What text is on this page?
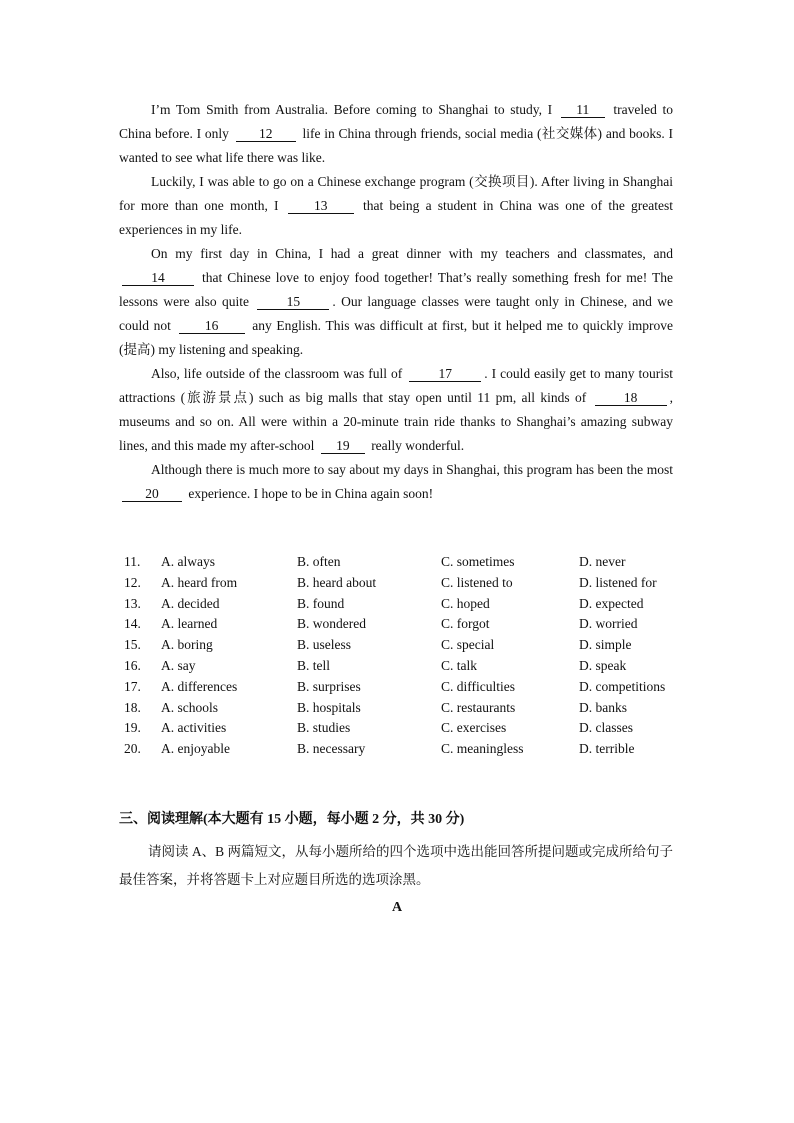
I’m Tom Smith from Australia. Before coming to Shanghai to study, I 11 traveled to China before. I only 12 life in China through friends, social media (社交媒体) and books. I wanted to see what life there was like.

Luckily, I was able to go on a Chinese exchange program (交换项目). After living in Shanghai for more than one month, I	13	that being a student in China was one of the greatest experiences in my life.

On my first day in China, I had a great dinner with my teachers and classmates, and 14	that Chinese love to enjoy food together! That’s really something fresh for me! The lessons were also quite	15 . Our language classes were taught only in Chinese, and we could not	16	any English. This was difficult at first, but it helped me to quickly improve (提高) my listening and speaking.

Also, life outside of the classroom was full of	17 . I could easily get to many tourist attractions (旅游景点) such as big malls that stay open until 11 pm, all kinds of	18 , museums and so on. All were within a 20-minute train ride thanks to Shanghai’s amazing subway lines, and this made my after-school 19 really wonderful.

Although there is much more to say about my days in Shanghai, this program has been the most 20 experience. I hope to be in China again soon!

11. A. always	B. often	C. sometimes	D. never
12. A. heard from	B. heard about	C. listened to	D. listened for
13. A. decided	B. found	C. hoped	D. expected
14. A. learned	B. wondered	C. forgot	D. worried
15. A. boring	B. useless	C. special	D. simple
16. A. say	B. tell	C. talk	D. speak
17. A. differences	B. surprises	C. difficulties	D. competitions
18. A. schools	B. hospitals	C. restaurants	D. banks
19. A. activities	B. studies	C. exercises	D. classes
20. A. enjoyable	B. necessary	C. meaningless	D. terrible
三、阅读理解(本大题有 15 小题，每小题 2 分，共 30 分)

请阅读 A、B 两篇短文，从每小题所给的四个选项中选出能回答所提问题或完成所给句子最佳答案，并将答题卡上对应题目所选的选项涂黑。

A
